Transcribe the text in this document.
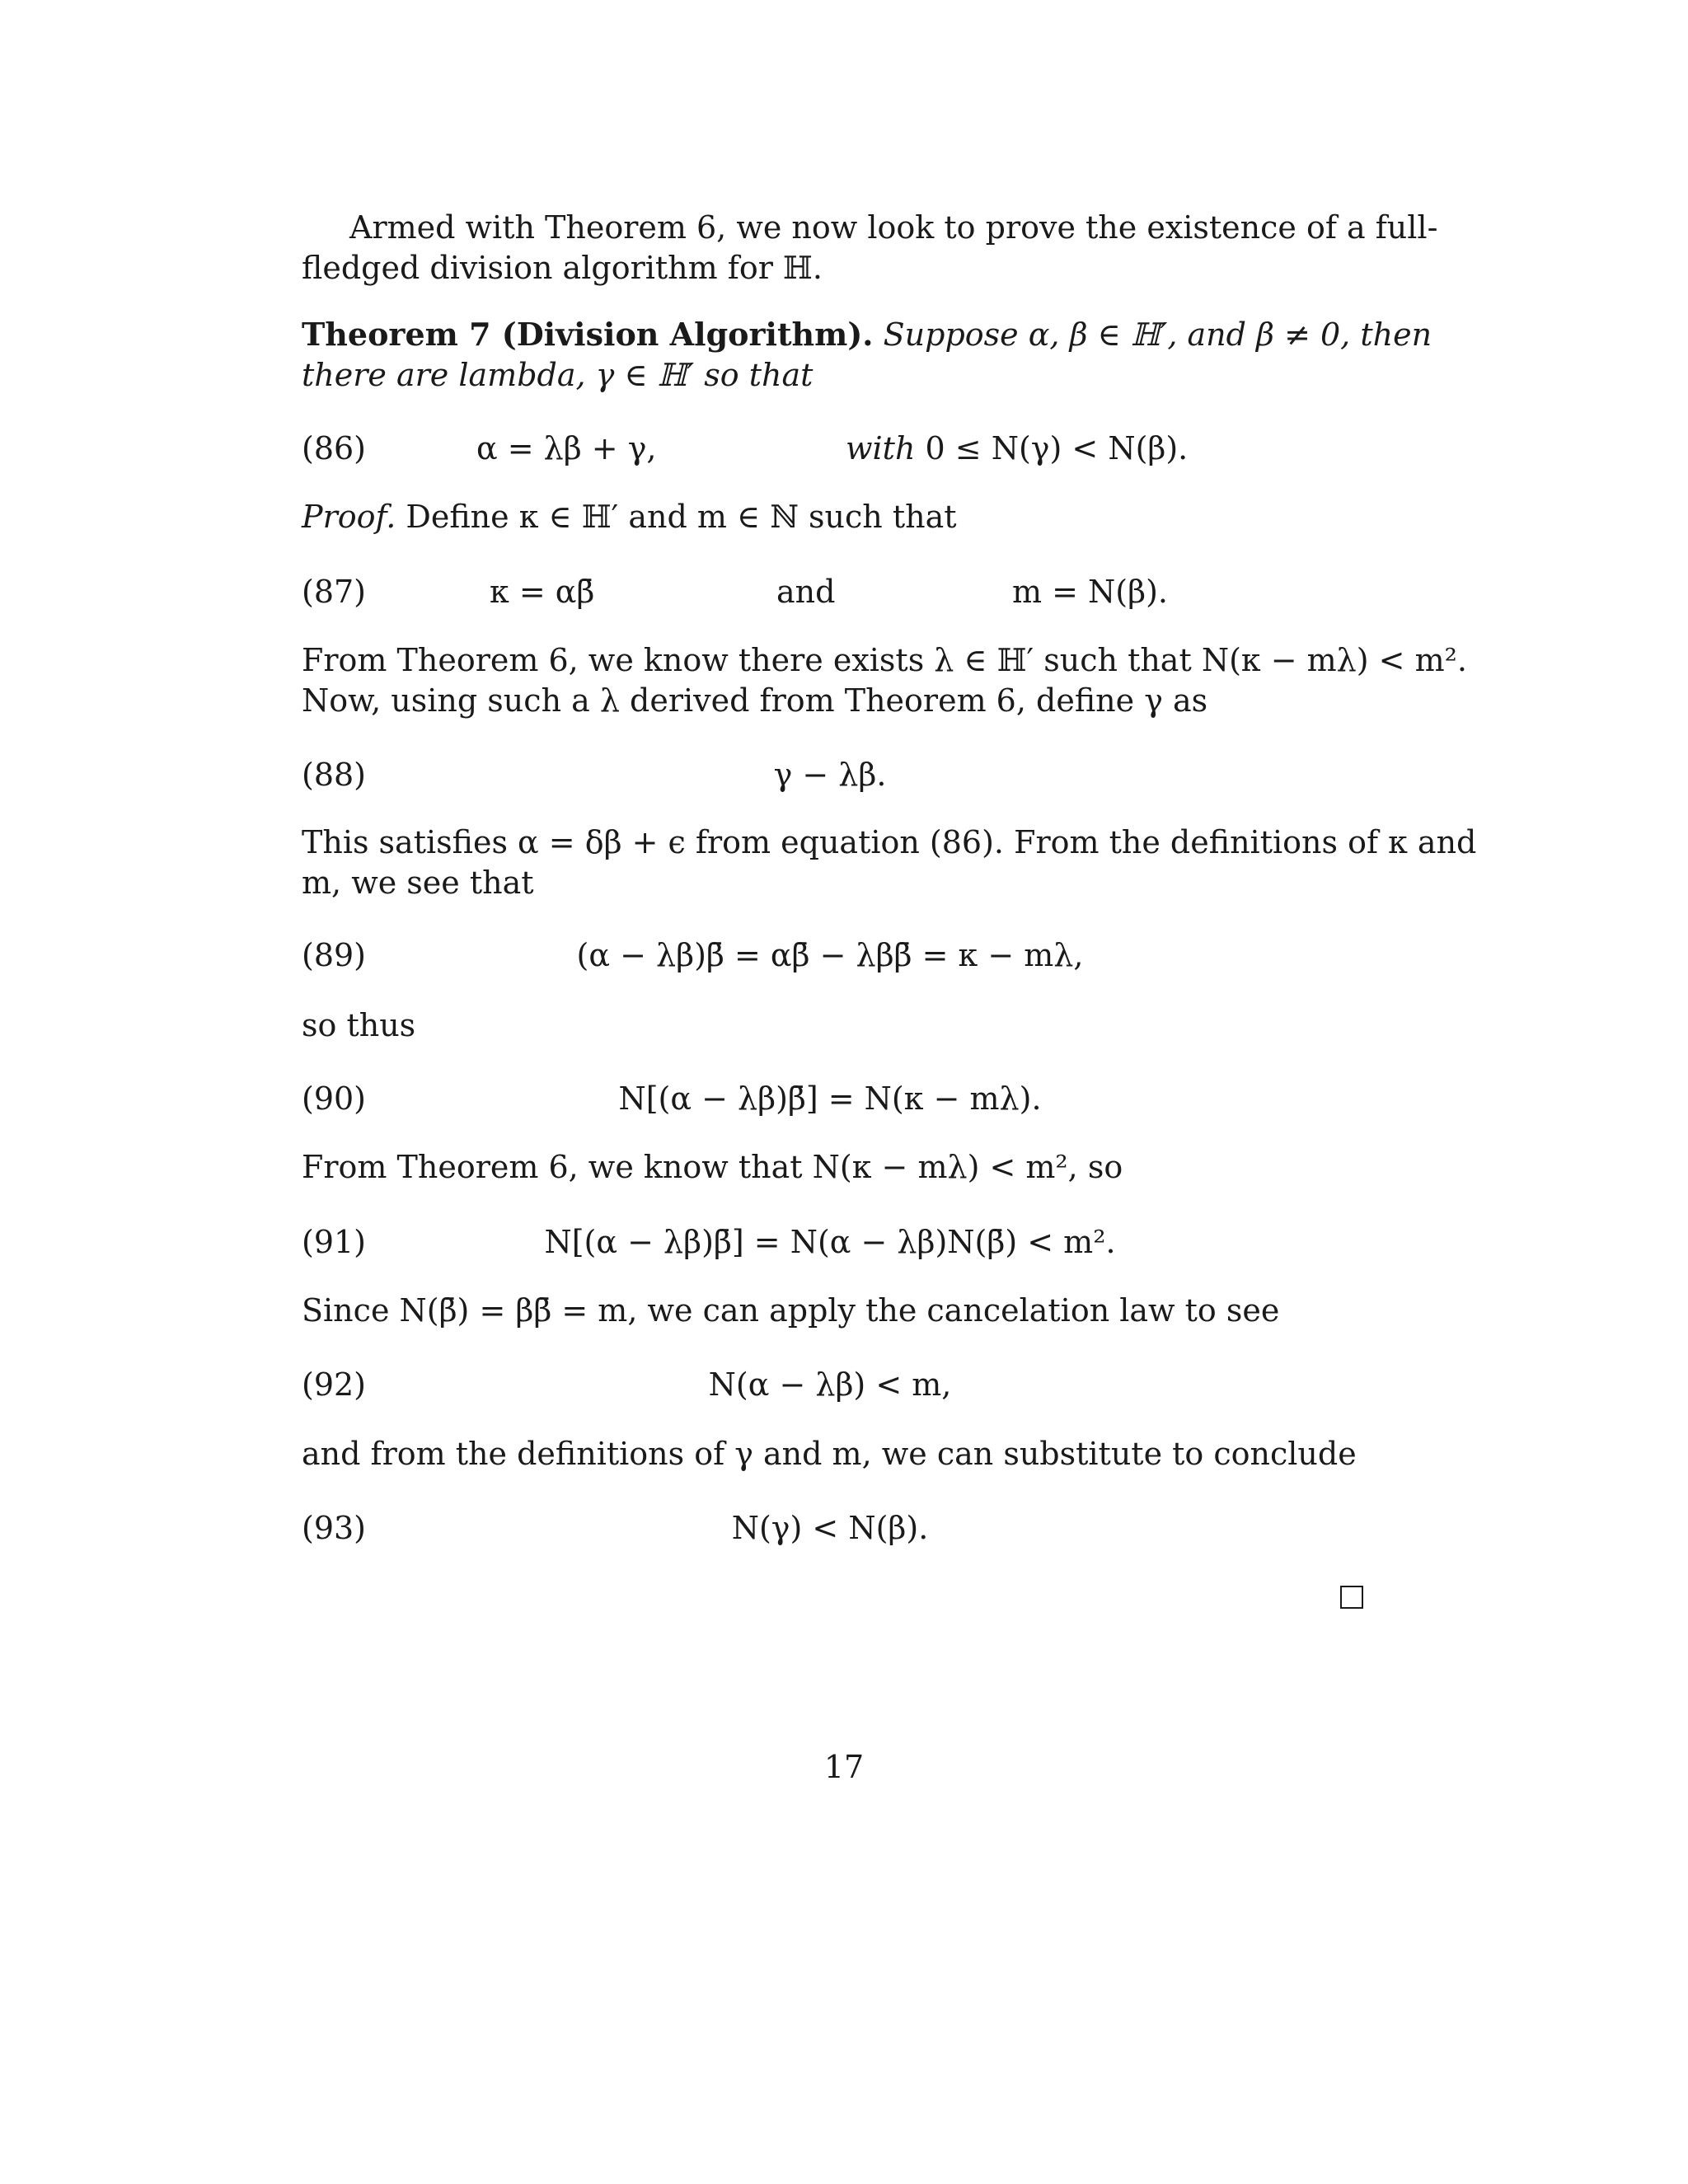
Armed with Theorem 6, we now look to prove the existence of a full-
fledged division algorithm for ℍ.
Theorem 7 (Division Algorithm). Suppose α, β ∈ ℍ′, and β ≠ 0, then
there are lambda, γ ∈ ℍ′ so that
(86)	α = λβ + γ,	with 0 ≤ N(γ) < N(β).
Proof. Define κ ∈ ℍ′ and m ∈ ℕ such that
(87)	κ = αβ̄	and	m = N(β).
From Theorem 6, we know there exists λ ∈ ℍ′ such that N(κ − mλ) < m².
Now, using such a λ derived from Theorem 6, define γ as
(88)	γ − λβ.
This satisfies α = δβ + ϵ from equation (86). From the definitions of κ and
m, we see that
(89)	(α − λβ)β̄ = αβ̄ − λββ̄ = κ − mλ,
so thus
(90)	N[(α − λβ)β̄] = N(κ − mλ).
From Theorem 6, we know that N(κ − mλ) < m², so
(91)	N[(α − λβ)β̄] = N(α − λβ)N(β̄) < m².
Since N(β̄) = ββ̄ = m, we can apply the cancelation law to see
(92)	N(α − λβ) < m,
and from the definitions of γ and m, we can substitute to conclude
(93)	N(γ) < N(β).
17
